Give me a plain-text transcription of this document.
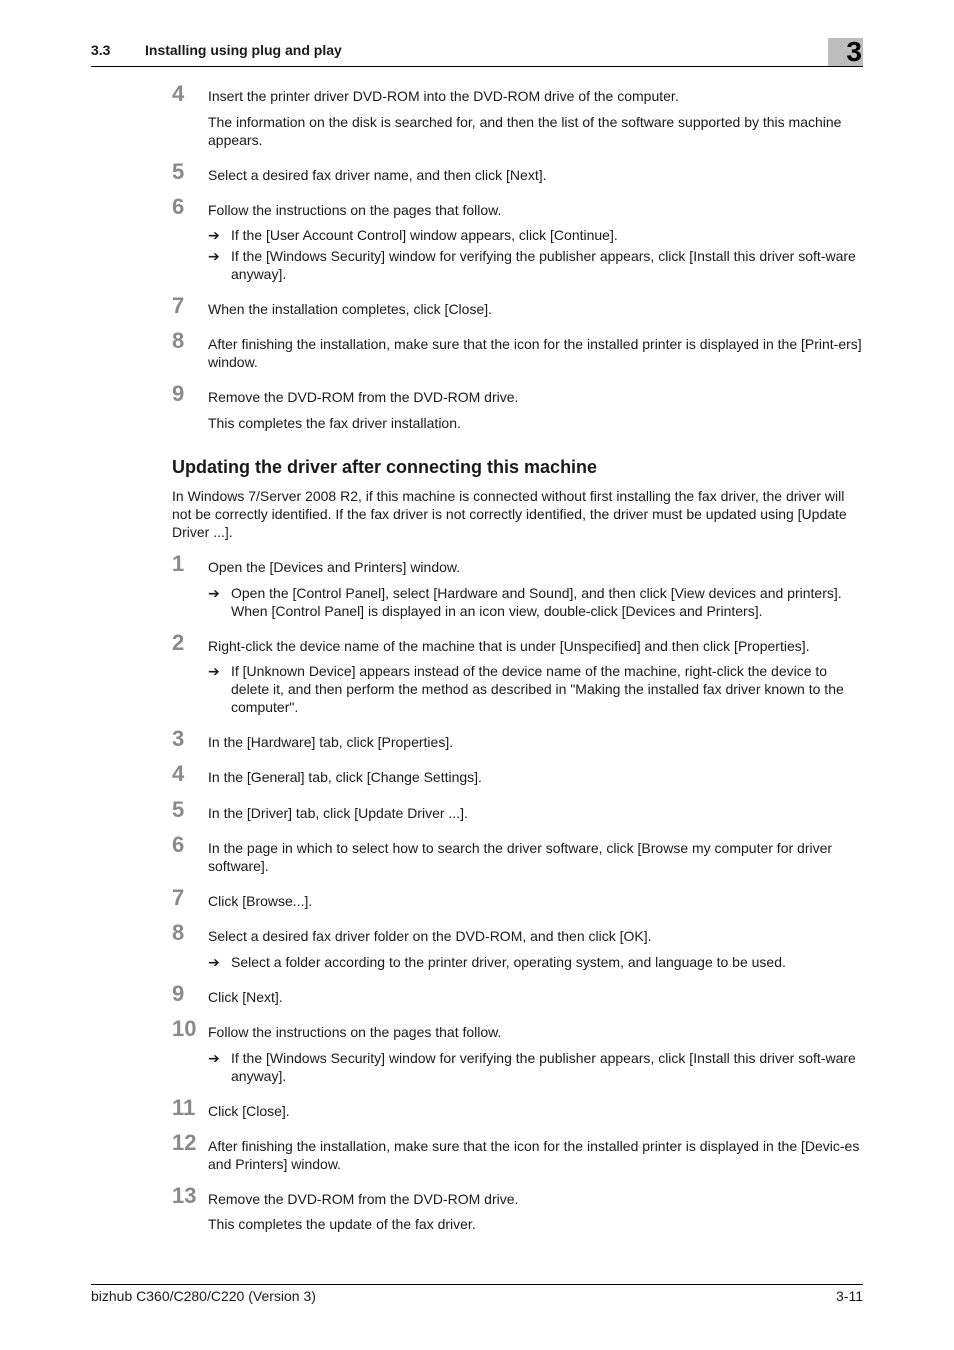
3.3 Installing using plug and play	3
4 Insert the printer driver DVD-ROM into the DVD-ROM drive of the computer.

The information on the disk is searched for, and then the list of the software supported by this machine appears.

5 Select a desired fax driver name, and then click [Next].

6 Follow the instructions on the pages that follow.

➔ If the [User Account Control] window appears, click [Continue].

➔ If the [Windows Security] window for verifying the publisher appears, click [Install this driver soft-ware anyway].

7 When the installation completes, click [Close].

8 After finishing the installation, make sure that the icon for the installed printer is displayed in the [Print-ers] window.

9 Remove the DVD-ROM from the DVD-ROM drive.

This completes the fax driver installation.

Updating the driver after connecting this machine

In Windows 7/Server 2008 R2, if this machine is connected without first installing the fax driver, the driver will not be correctly identified. If the fax driver is not correctly identified, the driver must be updated using [Update Driver ...].

1 Open the [Devices and Printers] window.

➔ Open the [Control Panel], select [Hardware and Sound], and then click [View devices and printers]. When [Control Panel] is displayed in an icon view, double-click [Devices and Printers].

2 Right-click the device name of the machine that is under [Unspecified] and then click [Properties].

➔ If [Unknown Device] appears instead of the device name of the machine, right-click the device to delete it, and then perform the method as described in "Making the installed fax driver known to the computer".

3 In the [Hardware] tab, click [Properties].

4 In the [General] tab, click [Change Settings].

5 In the [Driver] tab, click [Update Driver ...].

6 In the page in which to select how to search the driver software, click [Browse my computer for driver software].

7 Click [Browse...].

8 Select a desired fax driver folder on the DVD-ROM, and then click [OK].

➔ Select a folder according to the printer driver, operating system, and language to be used.

9 Click [Next].

10 Follow the instructions on the pages that follow.

➔ If the [Windows Security] window for verifying the publisher appears, click [Install this driver soft-ware anyway].

11 Click [Close].

12 After finishing the installation, make sure that the icon for the installed printer is displayed in the [Devic-es and Printers] window.

13 Remove the DVD-ROM from the DVD-ROM drive.

This completes the update of the fax driver.

bizhub C360/C280/C220 (Version 3)	3-11
